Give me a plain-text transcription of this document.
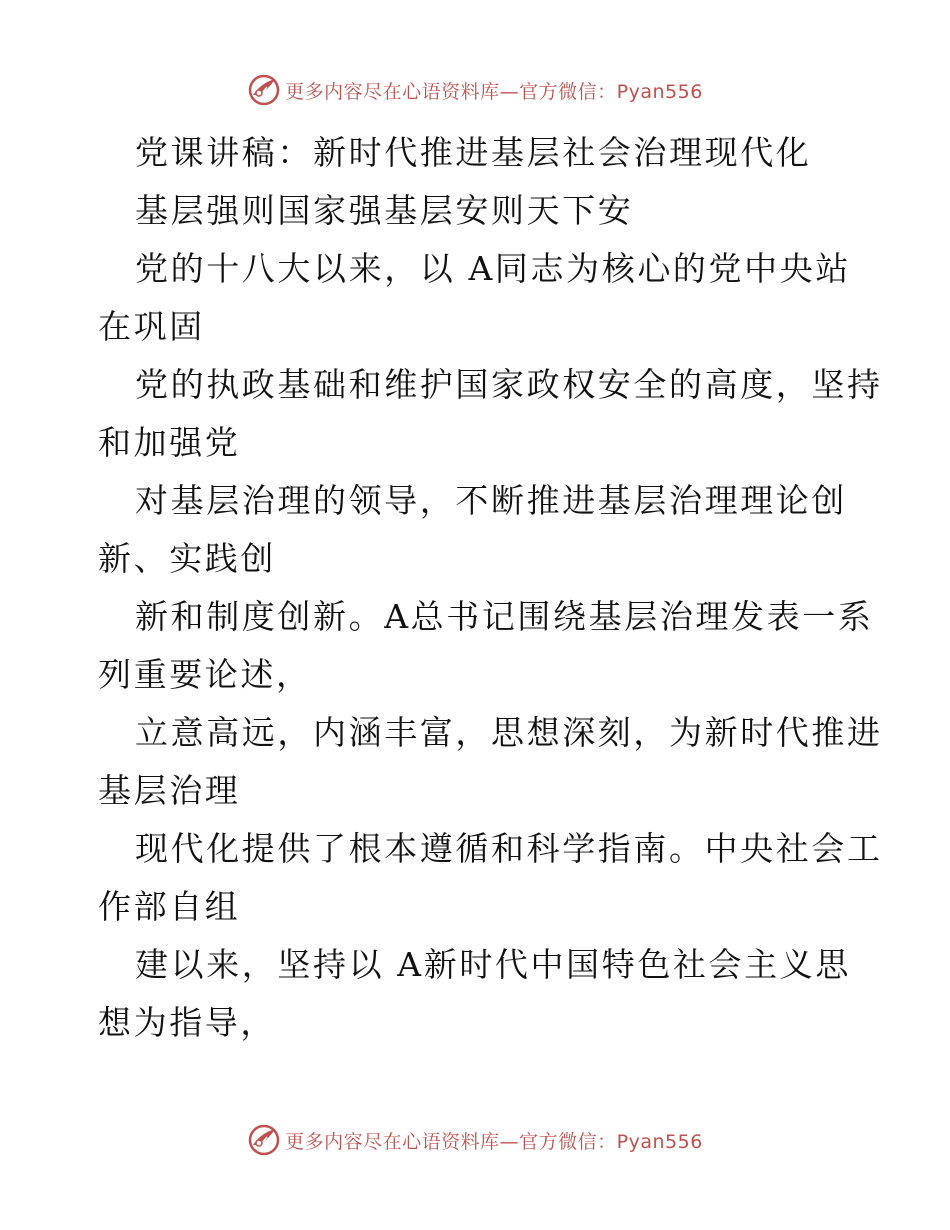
更多内容尽在心语资料库—官方微信：Pyan556
党课讲稿：新时代推进基层社会治理现代化
基层强则国家强基层安则天下安
党的十八大以来，以 A同志为核心的党中央站
在巩固
党的执政基础和维护国家政权安全的高度，坚持
和加强党
对基层治理的领导，不断推进基层治理理论创
新、实践创
新和制度创新。A总书记围绕基层治理发表一系
列重要论述，
立意高远，内涵丰富，思想深刻，为新时代推进
基层治理
现代化提供了根本遵循和科学指南。中央社会工
作部自组
建以来，坚持以 A新时代中国特色社会主义思
想为指导，
更多内容尽在心语资料库—官方微信：Pyan556
